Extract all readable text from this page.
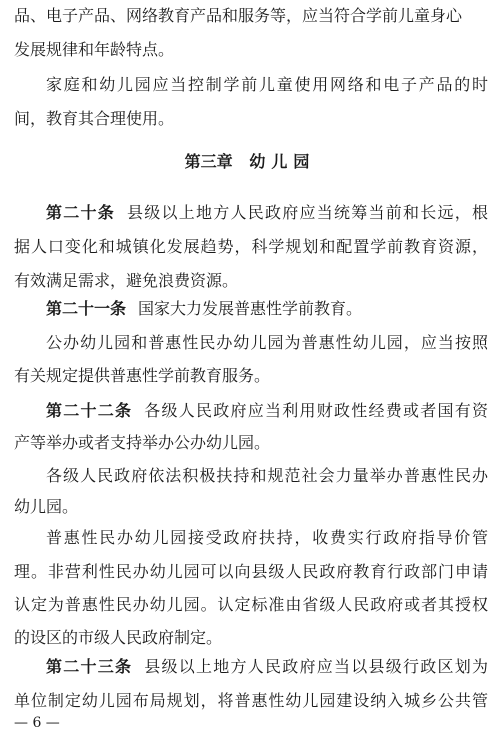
品、电子产品、网络教育产品和服务等，应当符合学前儿童身心
发展规律和年龄特点。
家庭和幼儿园应当控制学前儿童使用网络和电子产品的时
间，教育其合理使用。
第三章 幼儿园
第二十条 县级以上地方人民政府应当统筹当前和长远，根
据人口变化和城镇化发展趋势，科学规划和配置学前教育资源，
有效满足需求，避免浪费资源。
第二十一条 国家大力发展普惠性学前教育。
公办幼儿园和普惠性民办幼儿园为普惠性幼儿园，应当按照
有关规定提供普惠性学前教育服务。
第二十二条 各级人民政府应当利用财政性经费或者国有资
产等举办或者支持举办公办幼儿园。
各级人民政府依法积极扶持和规范社会力量举办普惠性民办
幼儿园。
普惠性民办幼儿园接受政府扶持，收费实行政府指导价管
理。非营利性民办幼儿园可以向县级人民政府教育行政部门申请
认定为普惠性民办幼儿园。认定标准由省级人民政府或者其授权
的设区的市级人民政府制定。
第二十三条 县级以上地方人民政府应当以县级行政区划为
单位制定幼儿园布局规划，将普惠性幼儿园建设纳入城乡公共管
— 6 —
